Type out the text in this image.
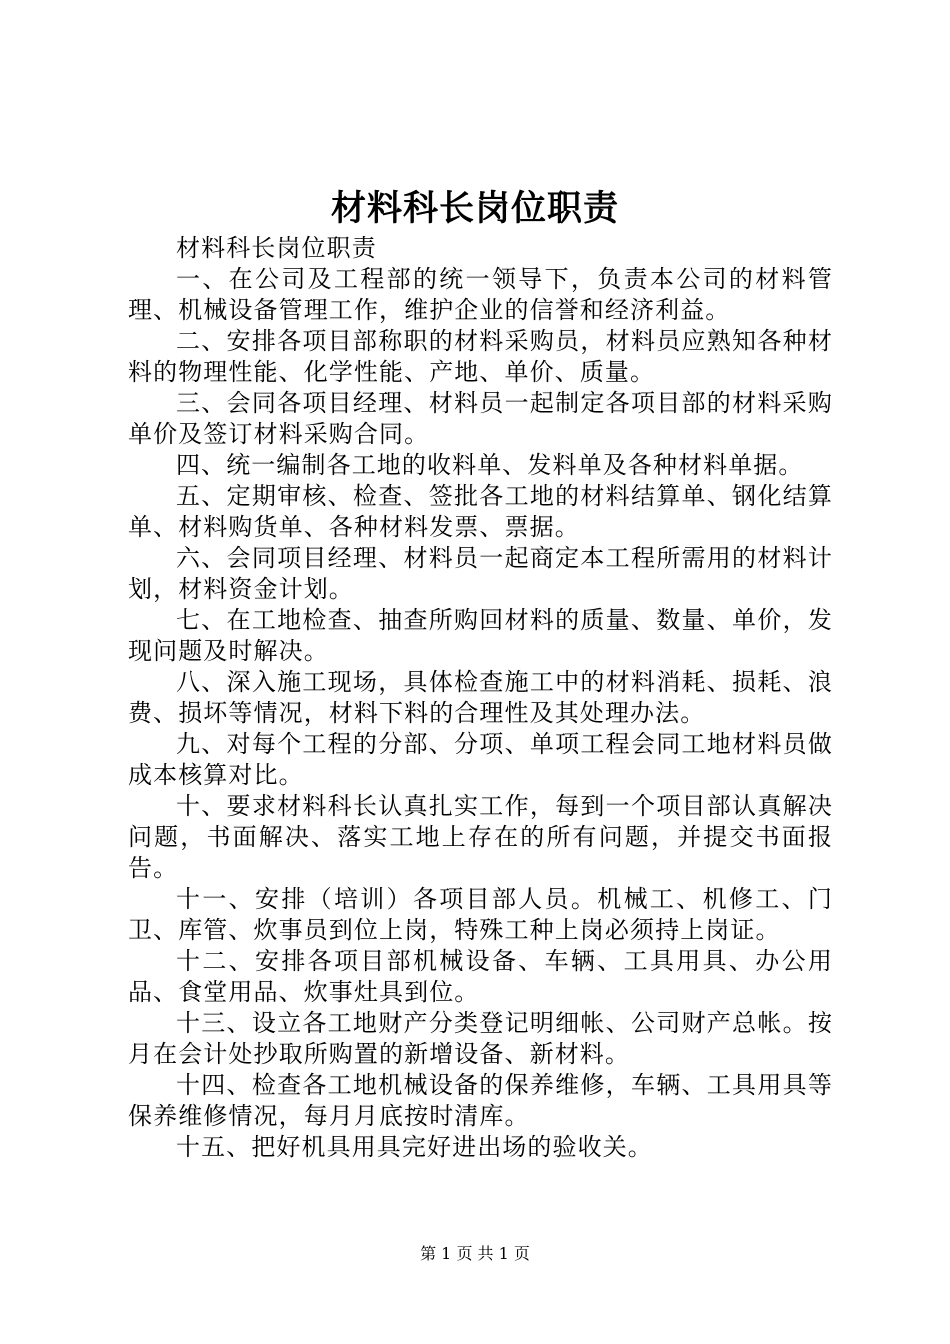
材料科长岗位职责

材料科长岗位职责

一、在公司及工程部的统一领导下，负责本公司的材料管理、机械设备管理工作，维护企业的信誉和经济利益。

二、安排各项目部称职的材料采购员，材料员应熟知各种材料的物理性能、化学性能、产地、单价、质量。

三、会同各项目经理、材料员一起制定各项目部的材料采购单价及签订材料采购合同。

四、统一编制各工地的收料单、发料单及各种材料单据。

五、定期审核、检查、签批各工地的材料结算单、钢化结算单、材料购货单、各种材料发票、票据。

六、会同项目经理、材料员一起商定本工程所需用的材料计划，材料资金计划。

七、在工地检查、抽查所购回材料的质量、数量、单价，发现问题及时解决。

八、深入施工现场，具体检查施工中的材料消耗、损耗、浪费、损坏等情况，材料下料的合理性及其处理办法。

九、对每个工程的分部、分项、单项工程会同工地材料员做成本核算对比。

十、要求材料科长认真扎实工作，每到一个项目部认真解决问题，书面解决、落实工地上存在的所有问题，并提交书面报告。

十一、安排（培训）各项目部人员。机械工、机修工、门卫、库管、炊事员到位上岗，特殊工种上岗必须持上岗证。

十二、安排各项目部机械设备、车辆、工具用具、办公用品、食堂用品、炊事灶具到位。

十三、设立各工地财产分类登记明细帐、公司财产总帐。按月在会计处抄取所购置的新增设备、新材料。

十四、检查各工地机械设备的保养维修，车辆、工具用具等保养维修情况，每月月底按时清库。

十五、把好机具用具完好进出场的验收关。

第 1 页 共 1 页
